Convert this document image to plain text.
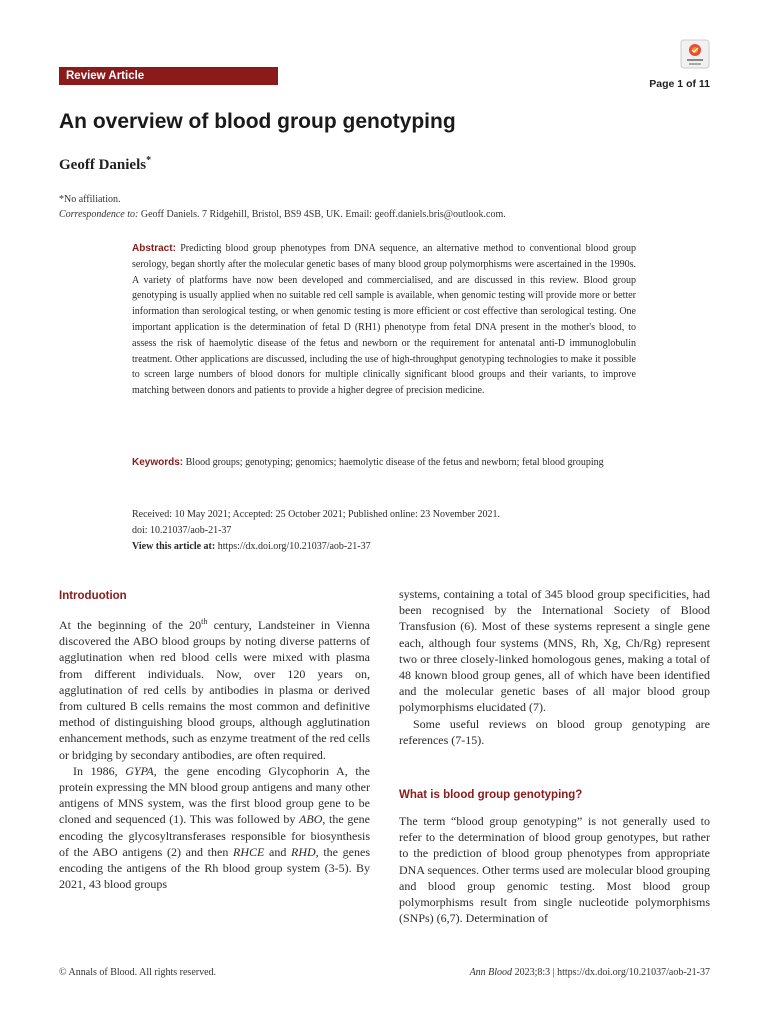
Review Article
Page 1 of 11
An overview of blood group genotyping
Geoff Daniels*
*No affiliation.
Correspondence to: Geoff Daniels. 7 Ridgehill, Bristol, BS9 4SB, UK. Email: geoff.daniels.bris@outlook.com.
Abstract: Predicting blood group phenotypes from DNA sequence, an alternative method to conventional blood group serology, began shortly after the molecular genetic bases of many blood group polymorphisms were ascertained in the 1990s. A variety of platforms have now been developed and commercialised, and are discussed in this review. Blood group genotyping is usually applied when no suitable red cell sample is available, when genomic testing will provide more or better information than serological testing, or when genomic testing is more efficient or cost effective than serological testing. One important application is the determination of fetal D (RH1) phenotype from fetal DNA present in the mother's blood, to assess the risk of haemolytic disease of the fetus and newborn or the requirement for antenatal anti-D immunoglobulin treatment. Other applications are discussed, including the use of high-throughput genotyping technologies to make it possible to screen large numbers of blood donors for multiple clinically significant blood groups and their variants, to improve matching between donors and patients to provide a higher degree of precision medicine.
Keywords: Blood groups; genotyping; genomics; haemolytic disease of the fetus and newborn; fetal blood grouping
Received: 10 May 2021; Accepted: 25 October 2021; Published online: 23 November 2021.
doi: 10.21037/aob-21-37
View this article at: https://dx.doi.org/10.21037/aob-21-37
Introduotion

At the beginning of the 20th century, Landsteiner in Vienna discovered the ABO blood groups by noting diverse patterns of agglutination when red blood cells were mixed with plasma from different individuals. Now, over 120 years on, agglutination of red cells by antibodies in plasma or derived from cultured B cells remains the most common and definitive method of distinguishing blood groups, although agglutination enhancement methods, such as enzyme treatment of the red cells or bridging by secondary antibodies, are often required.

In 1986, GYPA, the gene encoding Glycophorin A, the protein expressing the MN blood group antigens and many other antigens of MNS system, was the first blood group gene to be cloned and sequenced (1). This was followed by ABO, the gene encoding the glycosyltransferases responsible for biosynthesis of the ABO antigens (2) and then RHCE and RHD, the genes encoding the antigens of the Rh blood group system (3-5). By 2021, 43 blood groups

systems, containing a total of 345 blood group specificities, had been recognised by the International Society of Blood Transfusion (6). Most of these systems represent a single gene each, although four systems (MNS, Rh, Xg, Ch/Rg) represent two or three closely-linked homologous genes, making a total of 48 known blood group genes, all of which have been identified and the molecular genetic bases of all major blood group polymorphisms elucidated (7).

Some useful reviews on blood group genotyping are references (7-15).

What is blood group genotyping?

The term “blood group genotyping” is not generally used to refer to the determination of blood group genotypes, but rather to the prediction of blood group phenotypes from appropriate DNA sequences. Other terms used are molecular blood grouping and blood group genomic testing. Most blood group polymorphisms result from single nucleotide polymorphisms (SNPs) (6,7). Determination of

© Annals of Blood. All rights reserved.	Ann Blood 2023;8:3 | https://dx.doi.org/10.21037/aob-21-37
